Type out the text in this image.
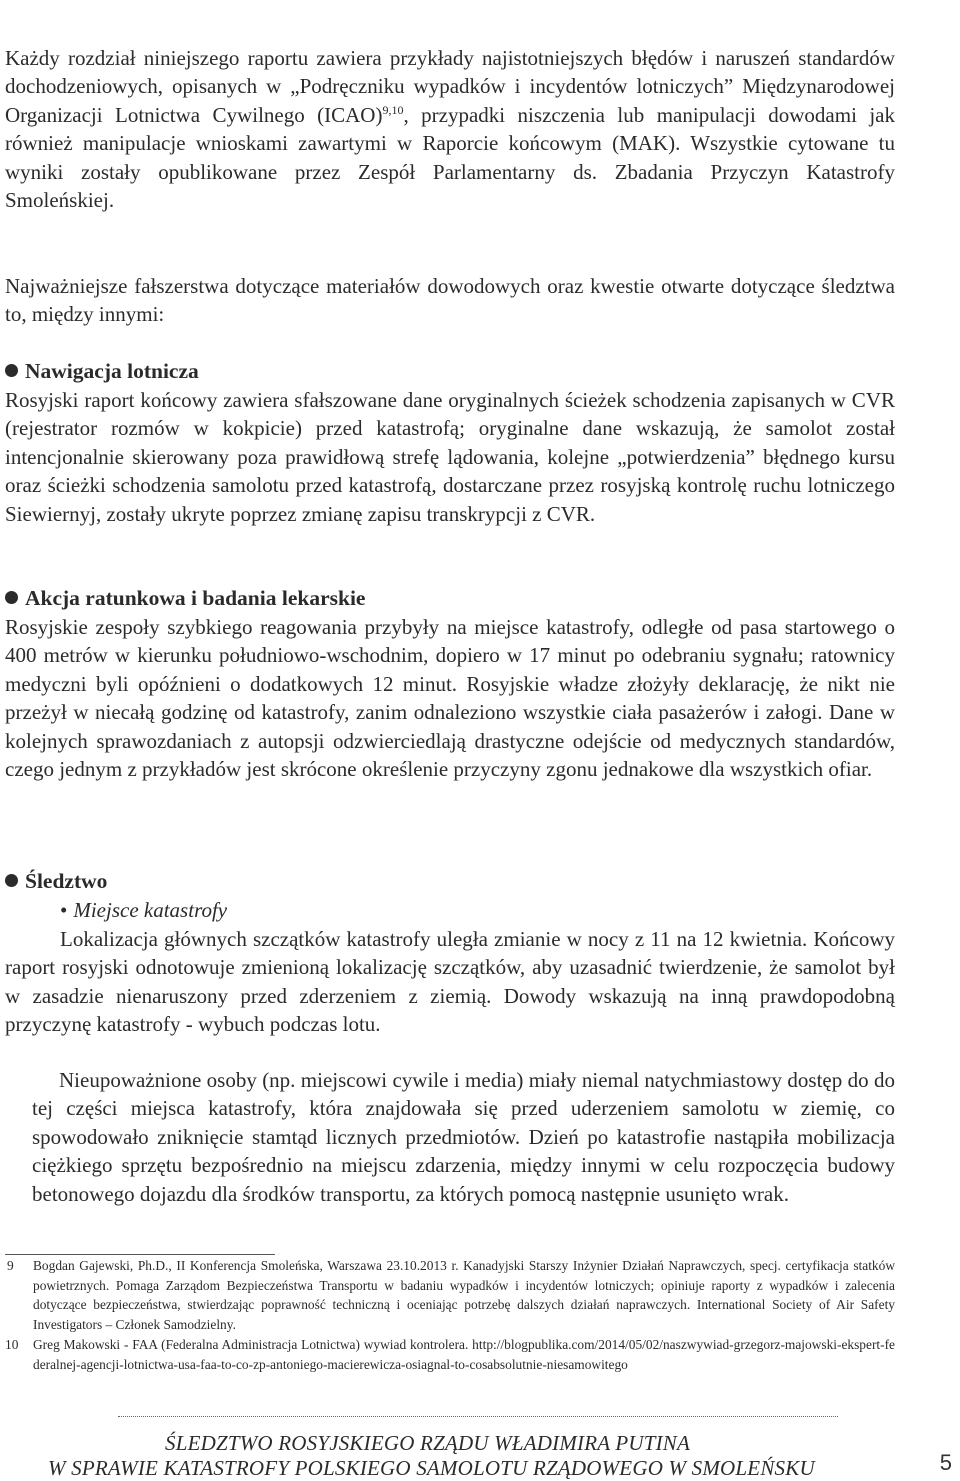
Każdy rozdział niniejszego raportu zawiera przykłady najistotniejszych błędów i naruszeń standardów dochodzeniowych, opisanych w „Podręczniku wypadków i incydentów lotniczych” Międzynarodowej Organizacji Lotnictwa Cywilnego (ICAO)$^{9,10}$, przypadki niszczenia lub manipulacji dowodami jak również manipulacje wnioskami zawartymi w Raporcie końcowym (MAK). Wszystkie cytowane tu wyniki zostały opublikowane przez Zespół Parlamentarny ds. Zbadania Przyczyn Katastrofy Smoleńskiej.

Najważniejsze fałszerstwa dotyczące materiałów dowodowych oraz kwestie otwarte dotyczące śledztwa to, między innymi:

Nawigacja lotnicza

Rosyjski raport końcowy zawiera sfałszowane dane oryginalnych ścieżek schodzenia zapisanych w CVR (rejestrator rozmów w kokpicie) przed katastrofą; oryginalne dane wskazują, że samolot został intencjonalnie skierowany poza prawidłową strefę lądowania, kolejne „potwierdzenia” błędnego kursu oraz ścieżki schodzenia samolotu przed katastrofą, dostarczane przez rosyjską kontrolę ruchu lotniczego Siewiernyj, zostały ukryte poprzez zmianę zapisu transkrypcji z CVR.

Akcja ratunkowa i badania lekarskie

Rosyjskie zespoły szybkiego reagowania przybyły na miejsce katastrofy, odległe od pasa startowego o 400 metrów w kierunku południowo-wschodnim, dopiero w 17 minut po odebraniu sygnału; ratownicy medyczni byli opóźnieni o dodatkowych 12 minut. Rosyjskie władze złożyły deklarację, że nikt nie przeżył w niecałą godzinę od katastrofy, zanim odnaleziono wszystkie ciała pasażerów i załogi. Dane w kolejnych sprawozdaniach z autopsji odzwierciedlają drastyczne odejście od medycznych standardów, czego jednym z przykładów jest skrócone określenie przyczyny zgonu jednakowe dla wszystkich ofiar.

Śledztwo

• Miejsce katastrofy

Lokalizacja głównych szczątków katastrofy uległa zmianie w nocy z 11 na 12 kwietnia. Końcowy raport rosyjski odnotowuje zmienioną lokalizację szczątków, aby uzasadnić twierdzenie, że samolot był w zasadzie nienaruszony przed zderzeniem z ziemią. Dowody wskazują na inną prawdopodobną przyczynę katastrofy - wybuch podczas lotu.

Nieupoważnione osoby (np. miejscowi cywile i media) miały niemal natychmiastowy dostęp do do tej części miejsca katastrofy, która znajdowała się przed uderzeniem samolotu w ziemię, co spowodowało zniknięcie stamtąd licznych przedmiotów. Dzień po katastrofie nastąpiła mobilizacja ciężkiego sprzętu bezpośrednio na miejscu zdarzenia, między innymi w celu rozpoczęcia budowy betonowego dojazdu dla środków transportu, za których pomocą następnie usunięto wrak.

9 Bogdan Gajewski, Ph.D., II Konferencja Smoleńska, Warszawa 23.10.2013 r. Kanadyjski Starszy Inżynier Działań Naprawczych, specj. certyfikacja statków powietrznych. Pomaga Zarządom Bezpieczeństwa Transportu w badaniu wypadków i incydentów lotniczych; opiniuje raporty z wypadków i zalecenia dotyczące bezpieczeństwa, stwierdzając poprawność techniczną i oceniając potrzebę dalszych działań naprawczych. International Society of Air Safety Investigators – Członek Samodzielny.

10 Greg Makowski - FAA (Federalna Administracja Lotnictwa) wywiad kontrolera. http://blogpublika.com/2014/05/02/naszwywiad-grzegorz-majowski-ekspert-federalnej-agencji-lotnictwa-usa-faa-to-co-zp-antoniego-macierewicza-osiagnal-to-cosabsolutnie-niesamowitego

ŚLEDZTWO ROSYJSKIEGO RZĄDU WŁADIMIRA PUTINA

W SPRAWIE KATASTROFY POLSKIEGO SAMOLOTU RZĄDOWEGO W SMOLEŃSKU	5
